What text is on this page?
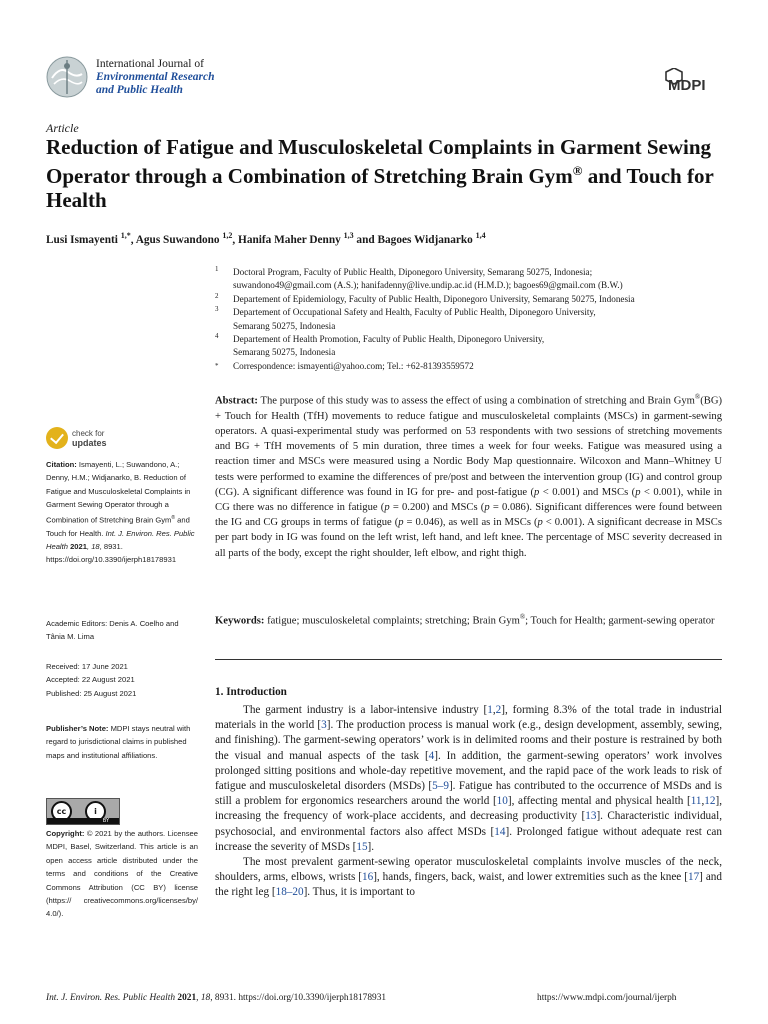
International Journal of
Environmental Research
and Public Health	MDPI
Article
Reduction of Fatigue and Musculoskeletal Complaints in Garment Sewing Operator through a Combination of Stretching Brain Gym® and Touch for Health
Lusi Ismayenti $^{1,*}$, Agus Suwandono $^{1,2}$, Hanifa Maher Denny $^{1,3}$ and Bagoes Widjanarko $^{1,4}$
1 Doctoral Program, Faculty of Public Health, Diponegoro University, Semarang 50275, Indonesia;
suwandono49@gmail.com (A.S.); hanifadenny@live.undip.ac.id (H.M.D.); bagoes69@gmail.com (B.W.)
2 Departement of Epidemiology, Faculty of Public Health, Diponegoro University, Semarang 50275, Indonesia
3 Departement of Occupational Safety and Health, Faculty of Public Health, Diponegoro University,
Semarang 50275, Indonesia
4 Departement of Health Promotion, Faculty of Public Health, Diponegoro University,
Semarang 50275, Indonesia
* Correspondence: ismayenti@yahoo.com; Tel.: +62-81393559572
Abstract: The purpose of this study was to assess the effect of using a combination of stretching and Brain Gym®(BG) + Touch for Health (TfH) movements to reduce fatigue and musculoskeletal complaints (MSCs) in garment-sewing operators. A quasi-experimental study was performed on 53 respondents with two sessions of stretching movements and BG + TfH movements of 5 min duration, three times a week for four weeks. Fatigue was measured using a reaction timer and MSCs were measured using a Nordic Body Map questionnaire. Wilcoxon and Mann–Whitney U tests were performed to examine the differences of pre/post and between the intervention group (IG) and control group (CG). A significant difference was found in IG for pre- and post-fatigue (p < 0.001) and MSCs (p < 0.001), while in CG there was no difference in fatigue (p = 0.200) and MSCs (p = 0.086). Significant differences were found between the IG and CG groups in terms of fatigue (p = 0.046), as well as in MSCs (p < 0.001). A significant decrease in MSCs per part body in IG was found on the left wrist, left hand, and left knee. The percentage of MSC severity decreased in all parts of the body, except the right shoulder, left elbow, and right thigh.
Keywords: fatigue; musculoskeletal complaints; stretching; Brain Gym®; Touch for Health; garment-sewing operator
1. Introduction

The garment industry is a labor-intensive industry [1,2], forming 8.3% of the total trade in industrial materials in the world [3]. The production process is manual work (e.g., design development, assembly, sewing, and finishing). The garment-sewing operators’ work is in delimited rooms and their posture is restrained by both the visual and manual aspects of the task [4]. In addition, the garment-sewing operators’ work involves prolonged sitting positions and whole-day repetitive movement, and the rapid pace of the work leads to risk of fatigue and musculoskeletal disorders (MSDs) [5–9]. Fatigue has contributed to the occurrence of MSDs and is still a problem for ergonomics researchers around the world [10], affecting mental and physical health [11,12], increasing the frequency of work-place accidents, and decreasing productivity [13]. Characteristic individual, psychosocial, and environmental factors also affect MSDs [14]. Prolonged fatigue without adequate rest can increase the severity of MSDs [15].

The most prevalent garment-sewing operator musculoskeletal complaints involve muscles of the neck, shoulders, arms, elbows, wrists [16], hands, fingers, back, waist, and lower extremities such as the knee [17] and the right leg [18–20]. Thus, it is important to

check for
updates
Citation: Ismayenti, L.; Suwandono, A.; Denny, H.M.; Widjanarko, B. Reduction of Fatigue and Musculoskeletal Complaints in Garment Sewing Operator through a Combination of Stretching Brain Gym® and Touch for Health. Int. J. Environ. Res. Public Health 2021, 18, 8931. https://doi.org/10.3390/ijerph18178931
Academic Editors: Denis A. Coelho and Tânia M. Lima
Received: 17 June 2021
Accepted: 22 August 2021
Published: 25 August 2021
Publisher’s Note: MDPI stays neutral with regard to jurisdictional claims in published maps and institutional affiliations.
cc	i
BY
Copyright: © 2021 by the authors. Licensee MDPI, Basel, Switzerland. This article is an open access article distributed under the terms and conditions of the Creative Commons Attribution (CC BY) license (https:// creativecommons.org/licenses/by/ 4.0/).
Int. J. Environ. Res. Public Health 2021, 18, 8931. https://doi.org/10.3390/ijerph18178931	https://www.mdpi.com/journal/ijerph
